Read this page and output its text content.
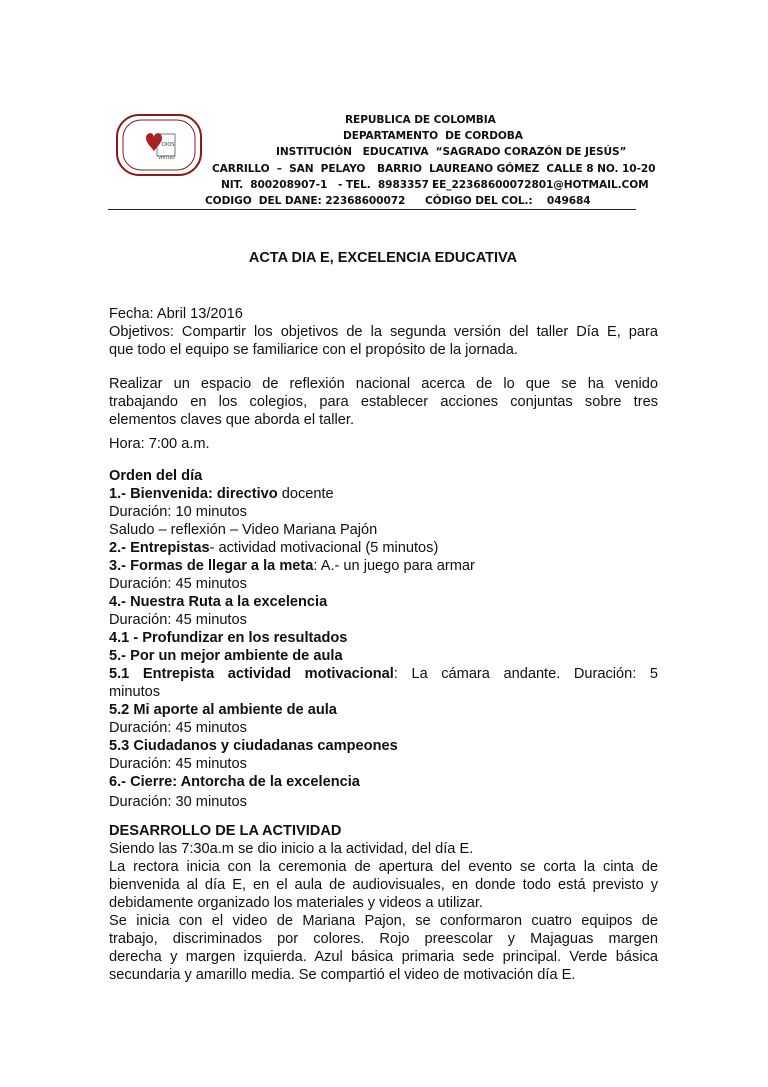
DIOS
VIRTUD
REPUBLICA DE COLOMBIA
DEPARTAMENTO  DE CORDOBA
INSTITUCIÓN   EDUCATIVA  “SAGRADO CORAZÓN DE JESÚS”
CARRILLO  –  SAN  PELAYO BARRIO  LAUREANO GÓMEZ  CALLE 8 NO. 10-20
NIT.  800208907-1   - TEL.  8983357 -
EE_22368600072801@HOTMAIL.COM
CODIGO  DEL DANE: 22368600072 CÓDIGO DEL COL.:    049684
ACTA DIA E, EXCELENCIA EDUCATIVA
Fecha: Abril 13/2016
Objetivos: Compartir los objetivos de la segunda versión del taller Día E, para
que todo el equipo se familiarice con el propósito de la jornada.
Realizar un espacio de reflexión nacional acerca de lo que se ha venido
trabajando en los colegios, para establecer acciones conjuntas sobre tres
elementos claves que aborda el taller.
Hora: 7:00 a.m.
Orden del día
1.- Bienvenida: directivo docente
Duración: 10 minutos
Saludo – reflexión – Video Mariana Pajón
2.- Entrepistas- actividad motivacional (5 minutos)
3.- Formas de llegar a la meta: A.- un juego para armar
Duración: 45 minutos
4.- Nuestra Ruta a la excelencia
Duración: 45 minutos
4.1 - Profundizar en los resultados
5.- Por un mejor ambiente de aula
5.1 Entrepista actividad motivacional: La cámara andante. Duración: 5
minutos
5.2 Mi aporte al ambiente de aula
Duración: 45 minutos
5.3 Ciudadanos y ciudadanas campeones
Duración: 45 minutos
6.- Cierre: Antorcha de la excelencia
Duración: 30 minutos
DESARROLLO DE LA ACTIVIDAD
Siendo las 7:30a.m se dio inicio a la actividad, del día E.
La rectora inicia con la ceremonia de apertura del evento se corta la cinta de
bienvenida al día E, en el aula de audiovisuales, en donde todo está previsto y
debidamente organizado los materiales y videos a utilizar.
Se inicia con el video de Mariana Pajon, se conformaron cuatro equipos de
trabajo, discriminados por colores. Rojo preescolar y Majaguas margen
derecha y margen izquierda. Azul básica primaria sede principal. Verde básica
secundaria y amarillo media. Se compartió el video de motivación día E.
